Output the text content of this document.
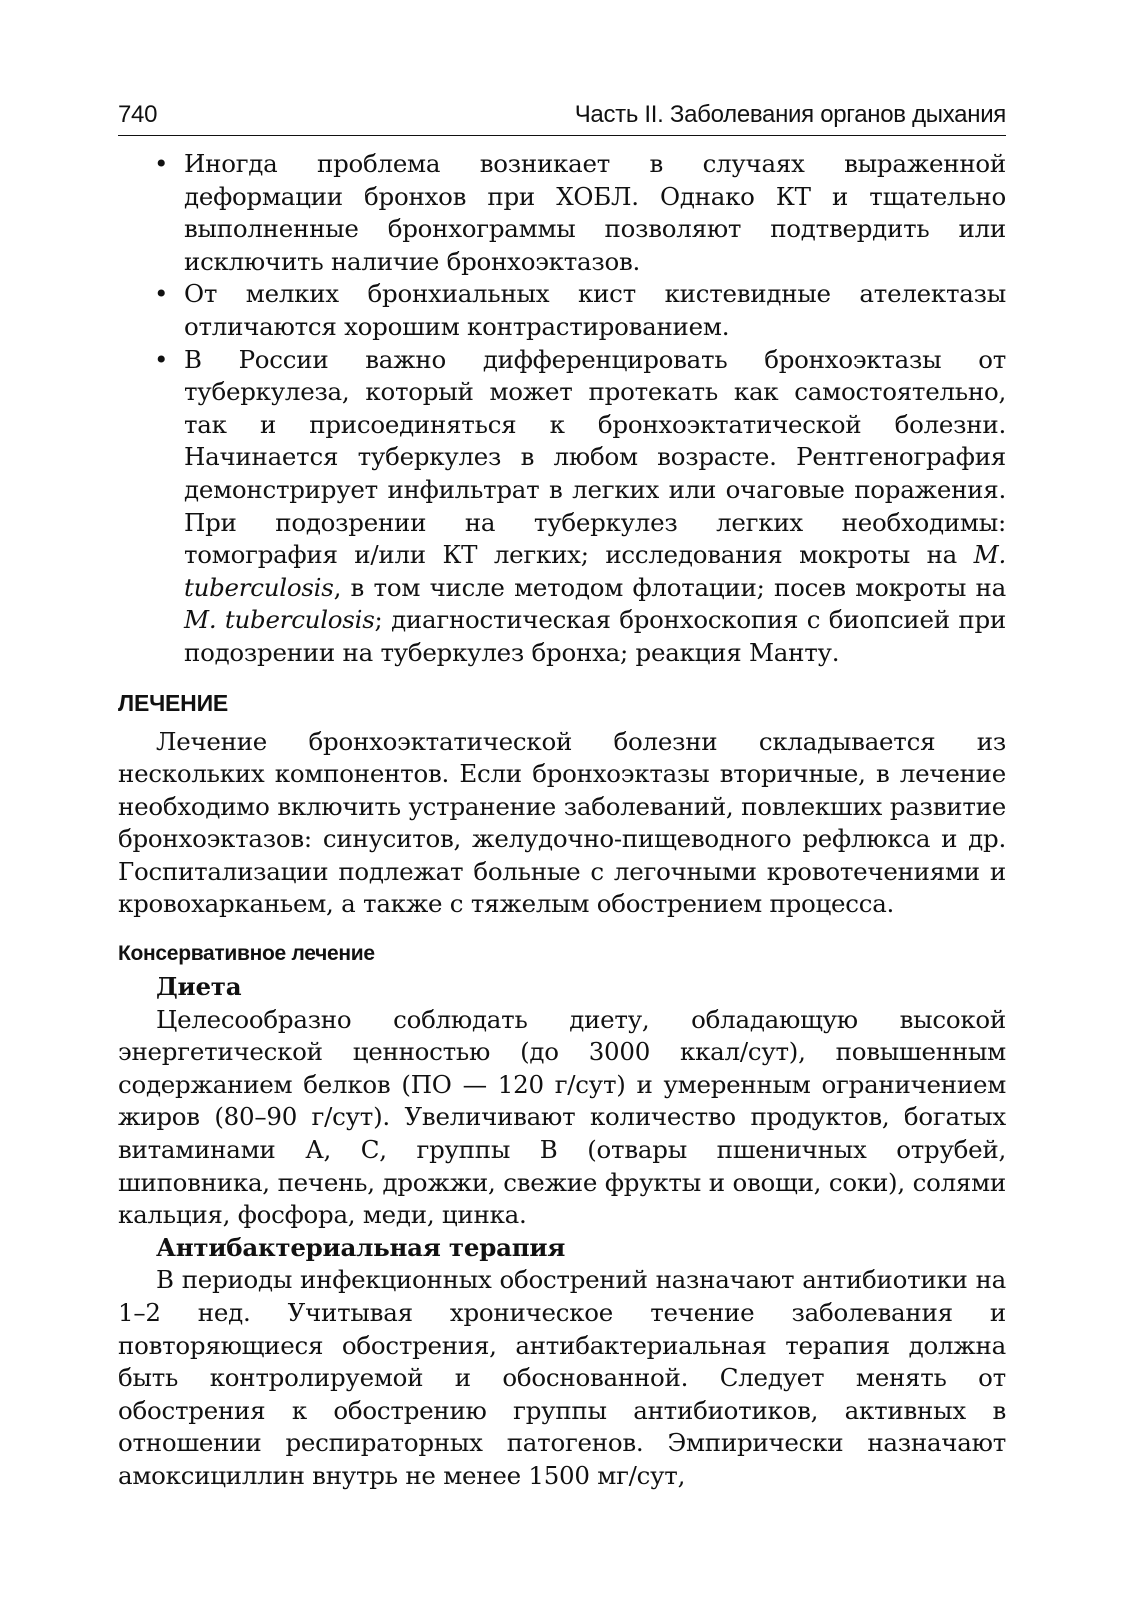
740	Часть II. Заболевания органов дыхания
• Иногда проблема возникает в случаях выраженной деформации бронхов при ХОБЛ. Однако КТ и тщательно выполненные бронхограммы позволяют подтвердить или исключить наличие бронхоэктазов.
• От мелких бронхиальных кист кистевидные ателектазы отличаются хорошим контрастированием.
• В России важно дифференцировать бронхоэктазы от туберкулеза, который может протекать как самостоятельно, так и присоединяться к бронхоэктатической болезни. Начинается туберкулез в любом возрасте. Рентгенография демонстрирует инфильтрат в легких или очаговые поражения. При подозрении на туберкулез легких необходимы: томография и/или КТ легких; исследования мокроты на M. tuberculosis, в том числе методом флотации; посев мокроты на M. tuberculosis; диагностическая бронхоскопия с биопсией при подозрении на туберкулез бронха; реакция Манту.
ЛЕЧЕНИЕ

Лечение бронхоэктатической болезни складывается из нескольких компонентов. Если бронхоэктазы вторичные, в лечение необходимо включить устранение заболеваний, повлекших развитие бронхоэктазов: синуситов, желудочно-пищеводного рефлюкса и др. Госпитализации подлежат больные с легочными кровотечениями и кровохарканьем, а также с тяжелым обострением процесса.

Консервативное лечение
Диета

Целесообразно соблюдать диету, обладающую высокой энергетической ценностью (до 3000 ккал/сут), повышенным содержанием белков (ПО — 120 г/сут) и умеренным ограничением жиров (80–90 г/сут). Увеличивают количество продуктов, богатых витаминами А, С, группы В (отвары пшеничных отрубей, шиповника, печень, дрожжи, свежие фрукты и овощи, соки), солями кальция, фосфора, меди, цинка.

Антибактериальная терапия

В периоды инфекционных обострений назначают антибиотики на 1–2 нед. Учитывая хроническое течение заболевания и повторяющиеся обострения, антибактериальная терапия должна быть контролируемой и обоснованной. Следует менять от обострения к обострению группы антибиотиков, активных в отношении респираторных патогенов. Эмпирически назначают амоксициллин внутрь не менее 1500 мг/сут,
